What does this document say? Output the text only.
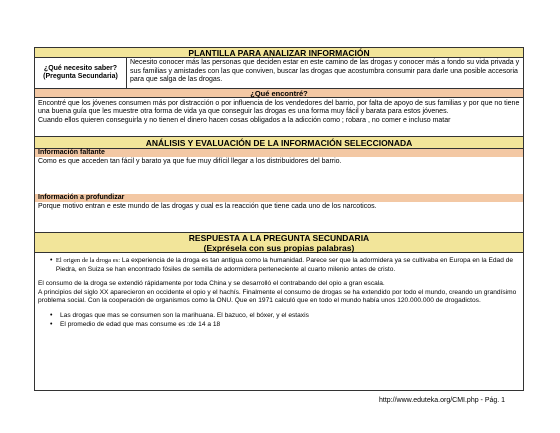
PLANTILLA PARA ANALIZAR INFORMACIÓN
¿Qué necesito saber?
(Pregunta Secundaria)
Necesito conocer más las personas que deciden estar en este camino de las drogas y conocer más a fondo su vida privada y sus familias y amistades con las que conviven, buscar las drogas que acostumbra consumir para darle una posible accesoria para que salga de las drogas.
¿Qué encontré?
Encontré que los jóvenes consumen más por distracción o por influencia de los vendedores del barrio, por falta de apoyo de sus familias y por que no tiene una buena guía que les muestre otra forma de vida ya que conseguir las drogas es una forma muy fácil y barata para estos jóvenes.
Cuando ellos quieren conseguirla y no tienen el dinero hacen cosas obligados a la adicción como ; robara , no comer e incluso matar
ANÁLISIS Y EVALUACIÓN DE LA INFORMACIÓN SELECCIONADA
Información faltante
Como es que acceden tan fácil y barato ya que fue muy difícil llegar a los distribuidores del barrio.
Información a profundizar
Porque motivo entran e este mundo de las drogas y cual es la reacción que tiene cada uno de los narcoticos.
RESPUESTA A LA PREGUNTA SECUNDARIA
(Exprésela con sus propias palabras)
• El origen de la droga es: La experiencia de la droga es tan antigua como la humanidad. Parece ser que la adormidera ya se cultivaba en Europa en la Edad de Piedra, en Suiza se han encontrado fósiles de semilla de adormidera perteneciente al cuarto milenio antes de cristo.
El consumo de la droga se extendió rápidamente por toda China y se desarrolló el contrabando del opio a gran escala.
A principios del siglo XX aparecieron en occidente el opio y el hachís. Finalmente el consumo de drogas se ha extendido por todo el mundo, creando un grandísimo problema social. Con la cooperación de organismos como la ONU. Que en 1971 calculó que en todo el mundo había unos 120.000.000 de drogadictos.
•	Las drogas que mas se consumen son la marihuana. El bazuco, el bóxer, y el estaxis
•	El promedio de edad que mas consume es :de 14 a 18
http://www.eduteka.org/CMI.php - Pág. 1
